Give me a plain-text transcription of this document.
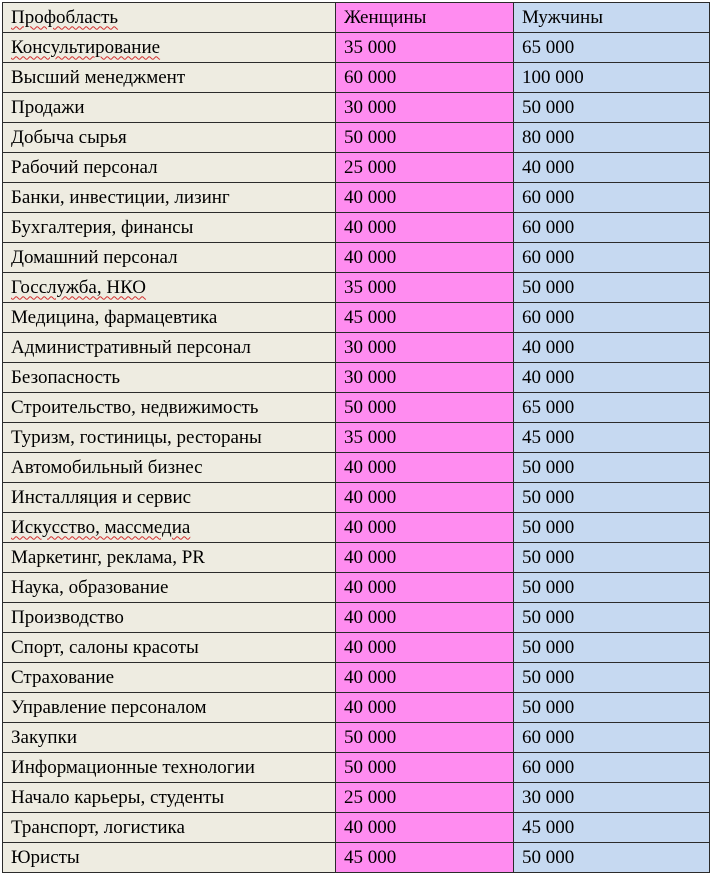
Профобласть	Женщины	Мужчины
Консультирование	35 000	65 000
Высший менеджмент	60 000	100 000
Продажи	30 000	50 000
Добыча сырья	50 000	80 000
Рабочий персонал	25 000	40 000
Банки, инвестиции, лизинг	40 000	60 000
Бухгалтерия, финансы	40 000	60 000
Домашний персонал	40 000	60 000
Госслужба, НКО	35 000	50 000
Медицина, фармацевтика	45 000	60 000
Административный персонал	30 000	40 000
Безопасность	30 000	40 000
Строительство, недвижимость	50 000	65 000
Туризм, гостиницы, рестораны	35 000	45 000
Автомобильный бизнес	40 000	50 000
Инсталляция и сервис	40 000	50 000
Искусство, массмедиа	40 000	50 000
Маркетинг, реклама, PR	40 000	50 000
Наука, образование	40 000	50 000
Производство	40 000	50 000
Спорт, салоны красоты	40 000	50 000
Страхование	40 000	50 000
Управление персоналом	40 000	50 000
Закупки	50 000	60 000
Информационные технологии	50 000	60 000
Начало карьеры, студенты	25 000	30 000
Транспорт, логистика	40 000	45 000
Юристы	45 000	50 000
